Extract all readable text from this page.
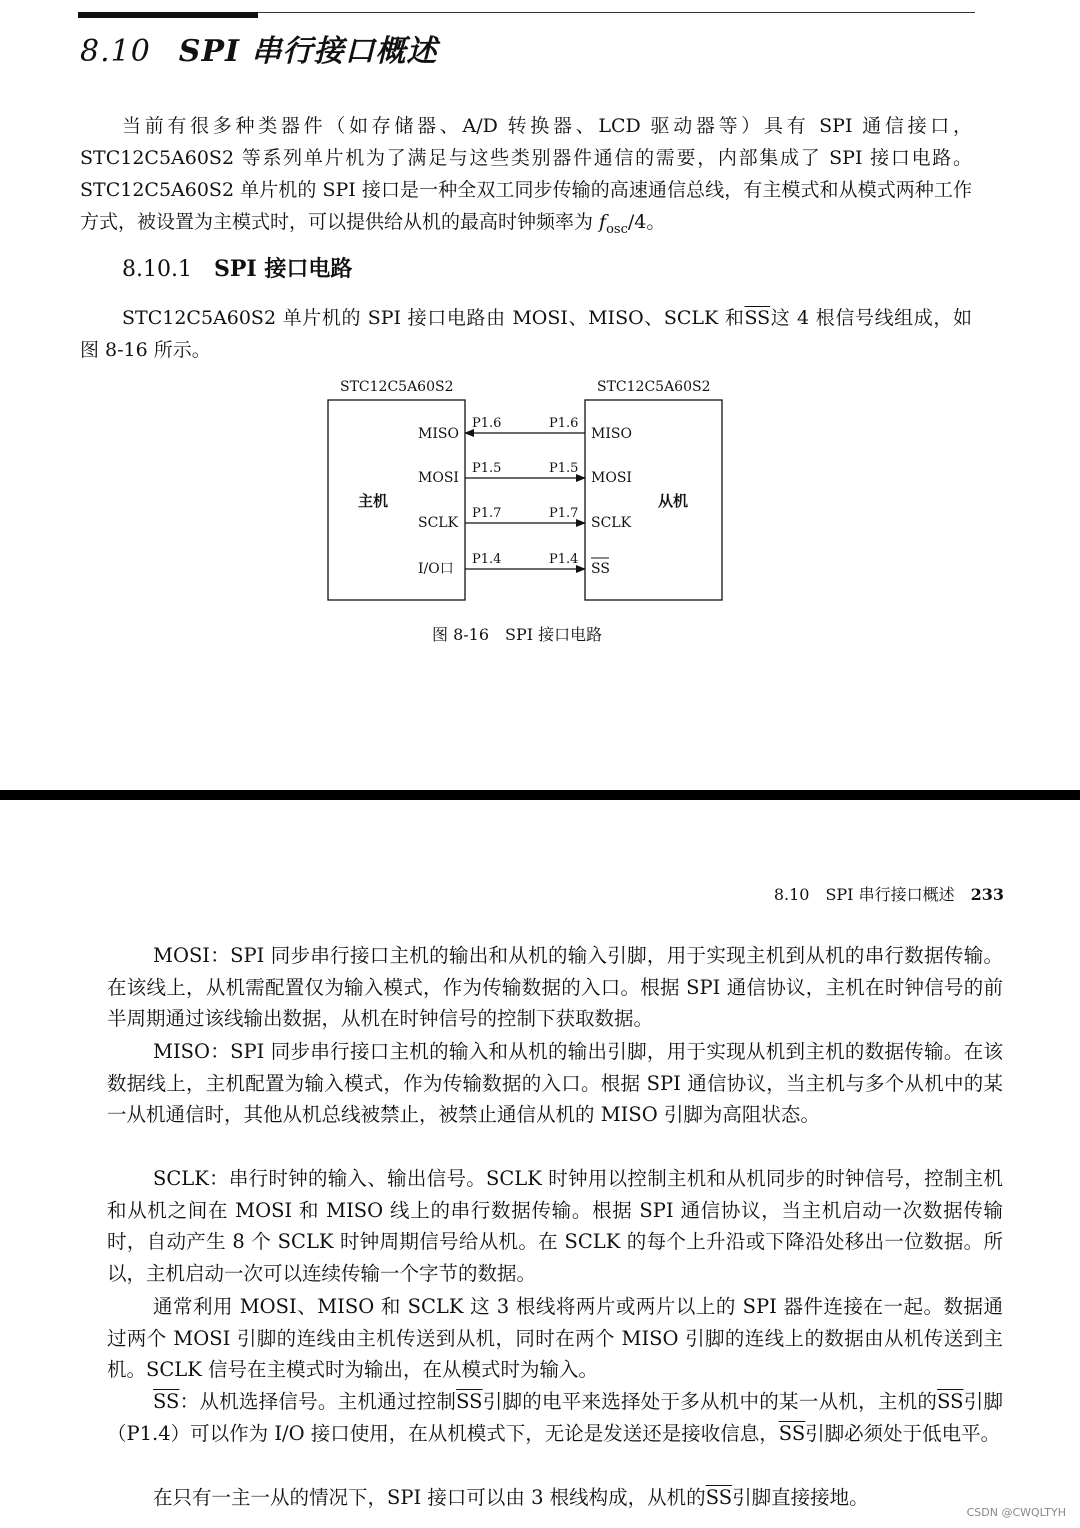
8.10 SPI 串行接口概述

当前有很多种类器件（如存储器、A/D 转换器、LCD 驱动器等）具有 SPI 通信接口，STC12C5A60S2 等系列单片机为了满足与这些类别器件通信的需要，内部集成了 SPI 接口电路。STC12C5A60S2 单片机的 SPI 接口是一种全双工同步传输的高速通信总线，有主模式和从模式两种工作方式，被设置为主模式时，可以提供给从机的最高时钟频率为 $f_{osc}/4$。

8.10.1 SPI 接口电路

STC12C5A60S2 单片机的 SPI 接口电路由 MOSI、MISO、SCLK 和$\overline{SS}$这 4 根信号线组成，如图 8-16 所示。

STC12C5A60S2	STC12C5A60S2
主机	从机
MISO	MISO
P1.6	P1.6
MOSI	MOSI
P1.5	P1.5
SCLK	SCLK
P1.7	P1.7
I/O口	SS
P1.4	P1.4
图 8-16　SPI 接口电路
8.10　SPI 串行接口概述 233

MOSI：SPI 同步串行接口主机的输出和从机的输入引脚，用于实现主机到从机的串行数据传输。在该线上，从机需配置仅为输入模式，作为传输数据的入口。根据 SPI 通信协议，主机在时钟信号的前半周期通过该线输出数据，从机在时钟信号的控制下获取数据。

MISO：SPI 同步串行接口主机的输入和从机的输出引脚，用于实现从机到主机的数据传输。在该数据线上，主机配置为输入模式，作为传输数据的入口。根据 SPI 通信协议，当主机与多个从机中的某一从机通信时，其他从机总线被禁止，被禁止通信从机的 MISO 引脚为高阻状态。

SCLK：串行时钟的输入、输出信号。SCLK 时钟用以控制主机和从机同步的时钟信号，控制主机和从机之间在 MOSI 和 MISO 线上的串行数据传输。根据 SPI 通信协议，当主机启动一次数据传输时，自动产生 8 个 SCLK 时钟周期信号给从机。在 SCLK 的每个上升沿或下降沿处移出一位数据。所以，主机启动一次可以连续传输一个字节的数据。

通常利用 MOSI、MISO 和 SCLK 这 3 根线将两片或两片以上的 SPI 器件连接在一起。数据通过两个 MOSI 引脚的连线由主机传送到从机，同时在两个 MISO 引脚的连线上的数据由从机传送到主机。SCLK 信号在主模式时为输出，在从模式时为输入。

$\overline{SS}$：从机选择信号。主机通过控制$\overline{SS}$引脚的电平来选择处于多从机中的某一从机，主机的$\overline{SS}$引脚（P1.4）可以作为 I/O 接口使用，在从机模式下，无论是发送还是接收信息，$\overline{SS}$引脚必须处于低电平。

在只有一主一从的情况下，SPI 接口可以由 3 根线构成，从机的$\overline{SS}$引脚直接接地。

CSDN @CWQLTYH
